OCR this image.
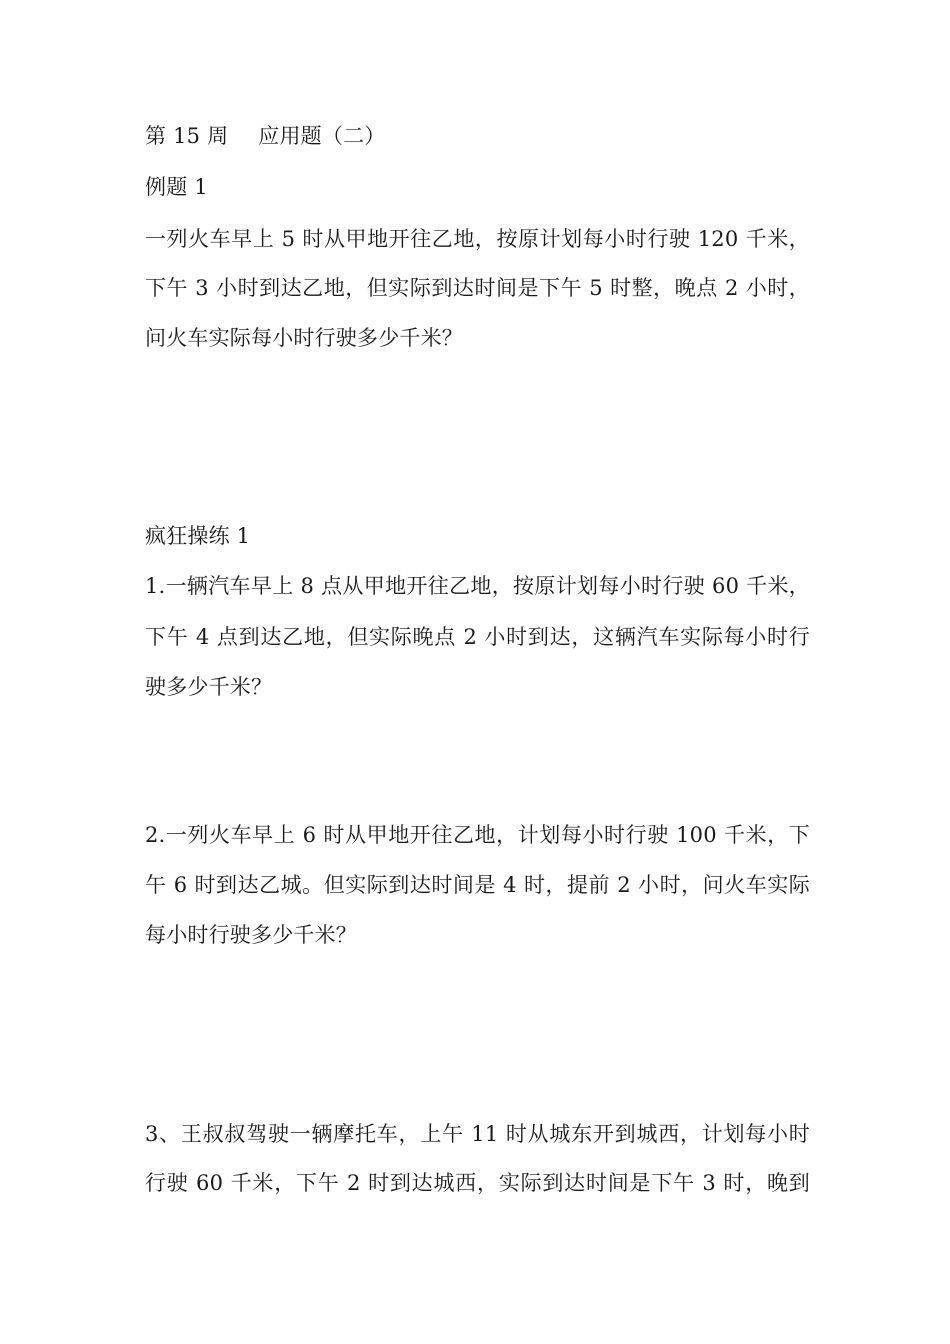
第 15 周 应用题（二）
例题 1
一列火车早上 5 时从甲地开往乙地，按原计划每小时行驶 120 千米，
下午 3 小时到达乙地，但实际到达时间是下午 5 时整，晚点 2 小时，
问火车实际每小时行驶多少千米？
疯狂操练 1
1.一辆汽车早上 8 点从甲地开往乙地，按原计划每小时行驶 60 千米，
下午 4 点到达乙地，但实际晚点 2 小时到达，这辆汽车实际每小时行
驶多少千米？
2.一列火车早上 6 时从甲地开往乙地，计划每小时行驶 100 千米，下
午 6 时到达乙城。但实际到达时间是 4 时，提前 2 小时，问火车实际
每小时行驶多少千米？
3、王叔叔驾驶一辆摩托车，上午 11 时从城东开到城西，计划每小时
行驶 60 千米，下午 2 时到达城西，实际到达时间是下午 3 时，晚到
